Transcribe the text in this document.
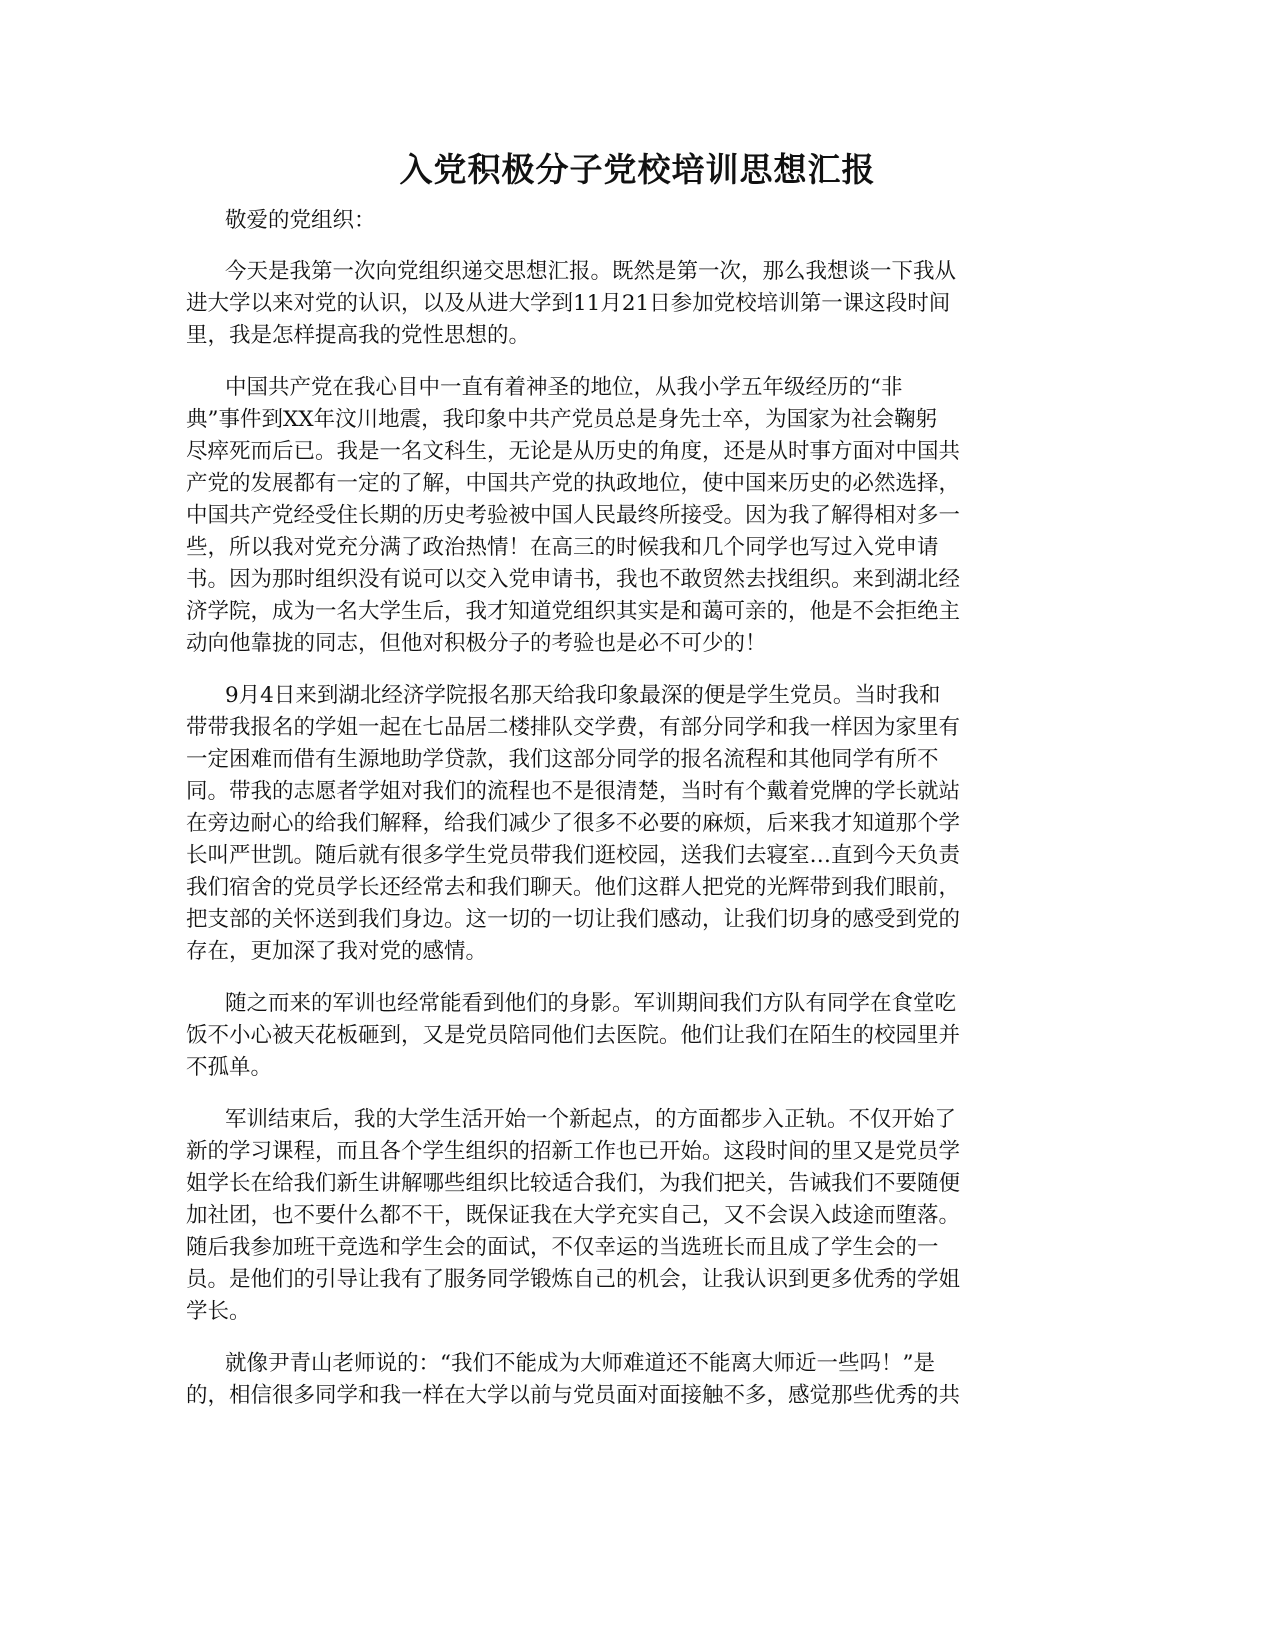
入党积极分子党校培训思想汇报
敬爱的党组织：
今天是我第一次向党组织递交思想汇报。既然是第一次，那么我想谈一下我从
进大学以来对党的认识，以及从进大学到11月21日参加党校培训第一课这段时间
里，我是怎样提高我的党性思想的。
中国共产党在我心目中一直有着神圣的地位，从我小学五年级经历的“非
典”事件到XX年汶川地震，我印象中共产党员总是身先士卒，为国家为社会鞠躬
尽瘁死而后已。我是一名文科生，无论是从历史的角度，还是从时事方面对中国共
产党的发展都有一定的了解，中国共产党的执政地位，使中国来历史的必然选择，
中国共产党经受住长期的历史考验被中国人民最终所接受。因为我了解得相对多一
些，所以我对党充分满了政治热情！在高三的时候我和几个同学也写过入党申请
书。因为那时组织没有说可以交入党申请书，我也不敢贸然去找组织。来到湖北经
济学院，成为一名大学生后，我才知道党组织其实是和蔼可亲的，他是不会拒绝主
动向他靠拢的同志，但他对积极分子的考验也是必不可少的！
9月4日来到湖北经济学院报名那天给我印象最深的便是学生党员。当时我和
带带我报名的学姐一起在七品居二楼排队交学费，有部分同学和我一样因为家里有
一定困难而借有生源地助学贷款，我们这部分同学的报名流程和其他同学有所不
同。带我的志愿者学姐对我们的流程也不是很清楚，当时有个戴着党牌的学长就站
在旁边耐心的给我们解释，给我们减少了很多不必要的麻烦，后来我才知道那个学
长叫严世凯。随后就有很多学生党员带我们逛校园，送我们去寝室…直到今天负责
我们宿舍的党员学长还经常去和我们聊天。他们这群人把党的光辉带到我们眼前，
把支部的关怀送到我们身边。这一切的一切让我们感动，让我们切身的感受到党的
存在，更加深了我对党的感情。
随之而来的军训也经常能看到他们的身影。军训期间我们方队有同学在食堂吃
饭不小心被天花板砸到，又是党员陪同他们去医院。他们让我们在陌生的校园里并
不孤单。
军训结束后，我的大学生活开始一个新起点，的方面都步入正轨。不仅开始了
新的学习课程，而且各个学生组织的招新工作也已开始。这段时间的里又是党员学
姐学长在给我们新生讲解哪些组织比较适合我们，为我们把关，告诫我们不要随便
加社团，也不要什么都不干，既保证我在大学充实自己，又不会误入歧途而堕落。
随后我参加班干竞选和学生会的面试，不仅幸运的当选班长而且成了学生会的一
员。是他们的引导让我有了服务同学锻炼自己的机会，让我认识到更多优秀的学姐
学长。
就像尹青山老师说的：“我们不能成为大师难道还不能离大师近一些吗！”是
的，相信很多同学和我一样在大学以前与党员面对面接触不多，感觉那些优秀的共
